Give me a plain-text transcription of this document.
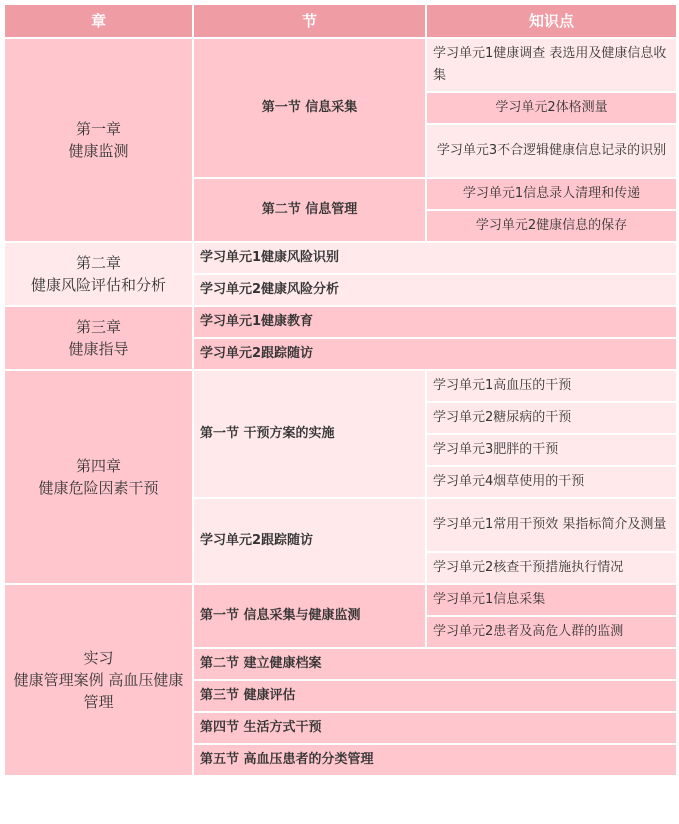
章	节	知识点

第一章
健康监测	第一节 信息采集	学习单元1健康调查 表选用及健康信息收集
		学习单元2体格测量
		学习单元3不合逻辑健康信息记录的识别
	第二节 信息管理	学习单元1信息录人清理和传递
		学习单元2健康信息的保存

第二章
健康风险评估和分析	学习单元1健康风险识别	
	学习单元2健康风险分析	

第三章
健康指导	学习单元1健康教育	
	学习单元2跟踪随访	

第四章
健康危险因素干预	第一节 干预方案的实施	学习单元1高血压的干预
		学习单元2糖尿病的干预
		学习单元3肥胖的干预
		学习单元4烟草使用的干预
	学习单元2跟踪随访	学习单元1常用干预效 果指标简介及测量
		学习单元2核查干预措施执行情况

实习
健康管理案例 高血压健康管理	第一节 信息采集与健康监测	学习单元1信息采集
		学习单元2患者及高危人群的监测
	第二节 建立健康档案	
	第三节 健康评估	
	第四节 生活方式干预	
	第五节 高血压患者的分类管理	
